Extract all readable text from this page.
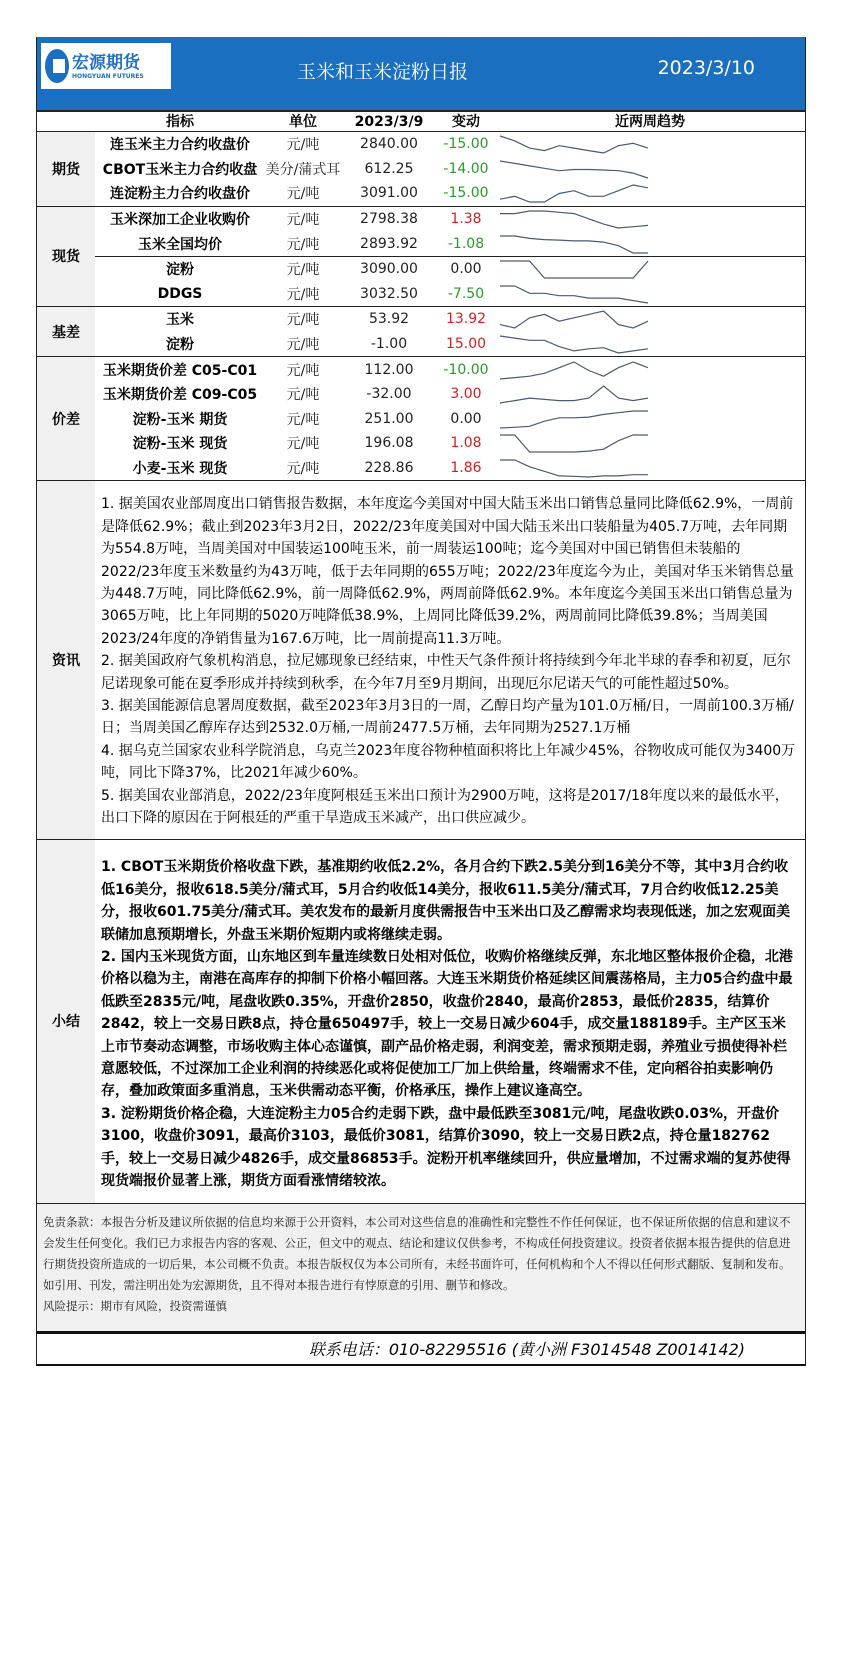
宏源期货
HONGYUAN FUTURES	玉米和玉米淀粉日报	2023/3/10
指标	单位	2023/3/9	变动	近两周趋势
期货
连玉米主力合约收盘价	元/吨	2840.00	-15.00
CBOT玉米主力合约收盘 美分/蒲式耳	612.25	-14.00
连淀粉主力合约收盘价	元/吨	3091.00	-15.00
现货
玉米深加工企业收购价	元/吨	2798.38	1.38
玉米全国均价	元/吨	2893.92	-1.08
淀粉	元/吨	3090.00	0.00
DDGS	元/吨	3032.50	-7.50
基差
玉米	元/吨	53.92	13.92
淀粉	元/吨	-1.00	15.00
价差
玉米期货价差 C05-C01	元/吨	112.00	-10.00
玉米期货价差 C09-C05	元/吨	-32.00	3.00
淀粉-玉米 期货	元/吨	251.00	0.00
淀粉-玉米 现货	元/吨	196.08	1.08
小麦-玉米 现货	元/吨	228.86	1.86
资讯
1. 据美国农业部周度出口销售报告数据，本年度迄今美国对中国大陆玉米出口销售总量同比降低62.9%，一周前是降低62.9%；截止到2023年3月2日，2022/23年度美国对中国大陆玉米出口装船量为405.7万吨，去年同期为554.8万吨，当周美国对中国装运100吨玉米，前一周装运100吨；迄今美国对中国已销售但未装船的2022/23年度玉米数量约为43万吨，低于去年同期的655万吨；2022/23年度迄今为止，美国对华玉米销售总量为448.7万吨，同比降低62.9%，前一周降低62.9%，两周前降低62.9%。本年度迄今美国玉米出口销售总量为3065万吨，比上年同期的5020万吨降低38.9%，上周同比降低39.2%，两周前同比降低39.8%；当周美国2023/24年度的净销售量为167.6万吨，比一周前提高11.3万吨。
2. 据美国政府气象机构消息，拉尼娜现象已经结束，中性天气条件预计将持续到今年北半球的春季和初夏，厄尔尼诺现象可能在夏季形成并持续到秋季，在今年7月至9月期间，出现厄尔尼诺天气的可能性超过50%。
3. 据美国能源信息署周度数据，截至2023年3月3日的一周，乙醇日均产量为101.0万桶/日，一周前100.3万桶/日；当周美国乙醇库存达到2532.0万桶,一周前2477.5万桶，去年同期为2527.1万桶
4. 据乌克兰国家农业科学院消息，乌克兰2023年度谷物种植面积将比上年减少45%，谷物收成可能仅为3400万吨，同比下降37%，比2021年减少60%。
5. 据美国农业部消息，2022/23年度阿根廷玉米出口预计为2900万吨，这将是2017/18年度以来的最低水平，出口下降的原因在于阿根廷的严重干旱造成玉米减产，出口供应减少。
小结
1. CBOT玉米期货价格收盘下跌，基准期约收低2.2%，各月合约下跌2.5美分到16美分不等，其中3月合约收低16美分，报收618.5美分/蒲式耳，5月合约收低14美分，报收611.5美分/蒲式耳，7月合约收低12.25美分，报收601.75美分/蒲式耳。美农发布的最新月度供需报告中玉米出口及乙醇需求均表现低迷，加之宏观面美联储加息预期增长，外盘玉米期价短期内或将继续走弱。
2. 国内玉米现货方面，山东地区到车量连续数日处相对低位，收购价格继续反弹，东北地区整体报价企稳，北港价格以稳为主，南港在高库存的抑制下价格小幅回落。大连玉米期货价格延续区间震荡格局，主力05合约盘中最低跌至2835元/吨，尾盘收跌0.35%，开盘价2850，收盘价2840，最高价2853，最低价2835，结算价2842，较上一交易日跌8点，持仓量650497手，较上一交易日减少604手，成交量188189手。主产区玉米上市节奏动态调整，市场收购主体心态谨慎，副产品价格走弱，利润变差，需求预期走弱，养殖业亏损使得补栏意愿较低，不过深加工企业利润的持续恶化或将促使加工厂加上供给量，终端需求不佳，定向稻谷拍卖影响仍存，叠加政策面多重消息，玉米供需动态平衡，价格承压，操作上建议逢高空。
3. 淀粉期货价格企稳，大连淀粉主力05合约走弱下跌，盘中最低跌至3081元/吨，尾盘收跌0.03%，开盘价3100，收盘价3091，最高价3103，最低价3081，结算价3090，较上一交易日跌2点，持仓量182762手，较上一交易日减少4826手，成交量86853手。淀粉开机率继续回升，供应量增加，不过需求端的复苏使得现货端报价显著上涨，期货方面看涨情绪较浓。
免责条款：本报告分析及建议所依据的信息均来源于公开资料，本公司对这些信息的准确性和完整性不作任何保证，也不保证所依据的信息和建议不会发生任何变化。我们已力求报告内容的客观、公正，但文中的观点、结论和建议仅供参考，不构成任何投资建议。投资者依据本报告提供的信息进行期货投资所造成的一切后果，本公司概不负责。本报告版权仅为本公司所有，未经书面许可，任何机构和个人不得以任何形式翻版、复制和发布。如引用、刊发，需注明出处为宏源期货，且不得对本报告进行有悖原意的引用、删节和修改。
风险提示：期市有风险，投资需谨慎
联系电话：010-82295516 (黄小洲 F3014548 Z0014142)
